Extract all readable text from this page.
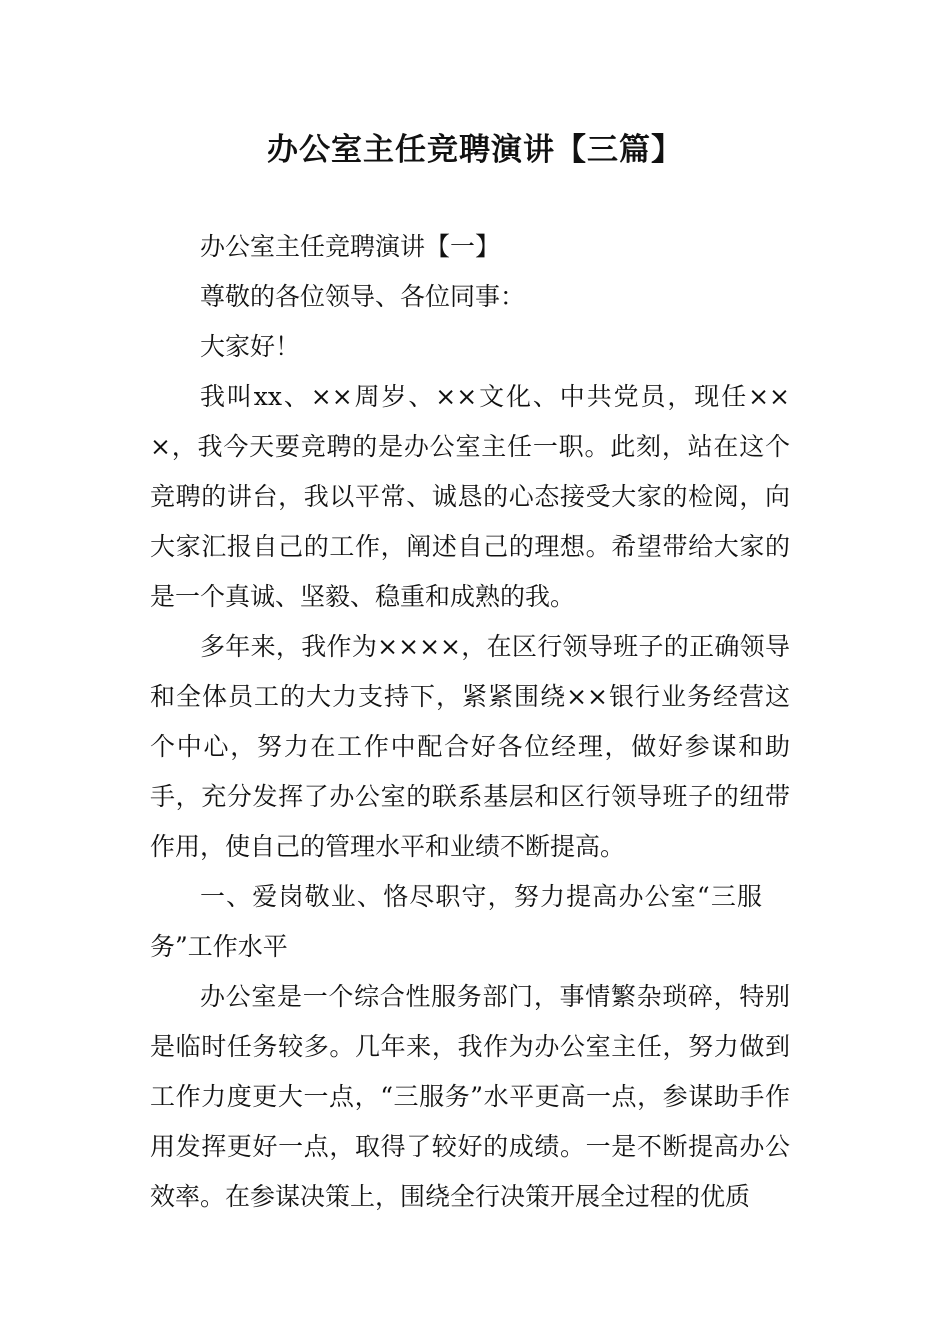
办公室主任竞聘演讲【三篇】

办公室主任竞聘演讲【一】

尊敬的各位领导、各位同事：

大家好！

我叫xx、××周岁、××文化、中共党员，现任×××，我今天要竞聘的是办公室主任一职。此刻，站在这个竞聘的讲台，我以平常、诚恳的心态接受大家的检阅，向大家汇报自己的工作，阐述自己的理想。希望带给大家的是一个真诚、坚毅、稳重和成熟的我。

多年来，我作为××××，在区行领导班子的正确领导和全体员工的大力支持下，紧紧围绕××银行业务经营这个中心，努力在工作中配合好各位经理，做好参谋和助手，充分发挥了办公室的联系基层和区行领导班子的纽带作用，使自己的管理水平和业绩不断提高。

一、爱岗敬业、恪尽职守，努力提高办公室“三服务”工作水平

办公室是一个综合性服务部门，事情繁杂琐碎，特别是临时任务较多。几年来，我作为办公室主任，努力做到工作力度更大一点，“三服务”水平更高一点，参谋助手作用发挥更好一点，取得了较好的成绩。一是不断提高办公效率。在参谋决策上，围绕全行决策开展全过程的优质
